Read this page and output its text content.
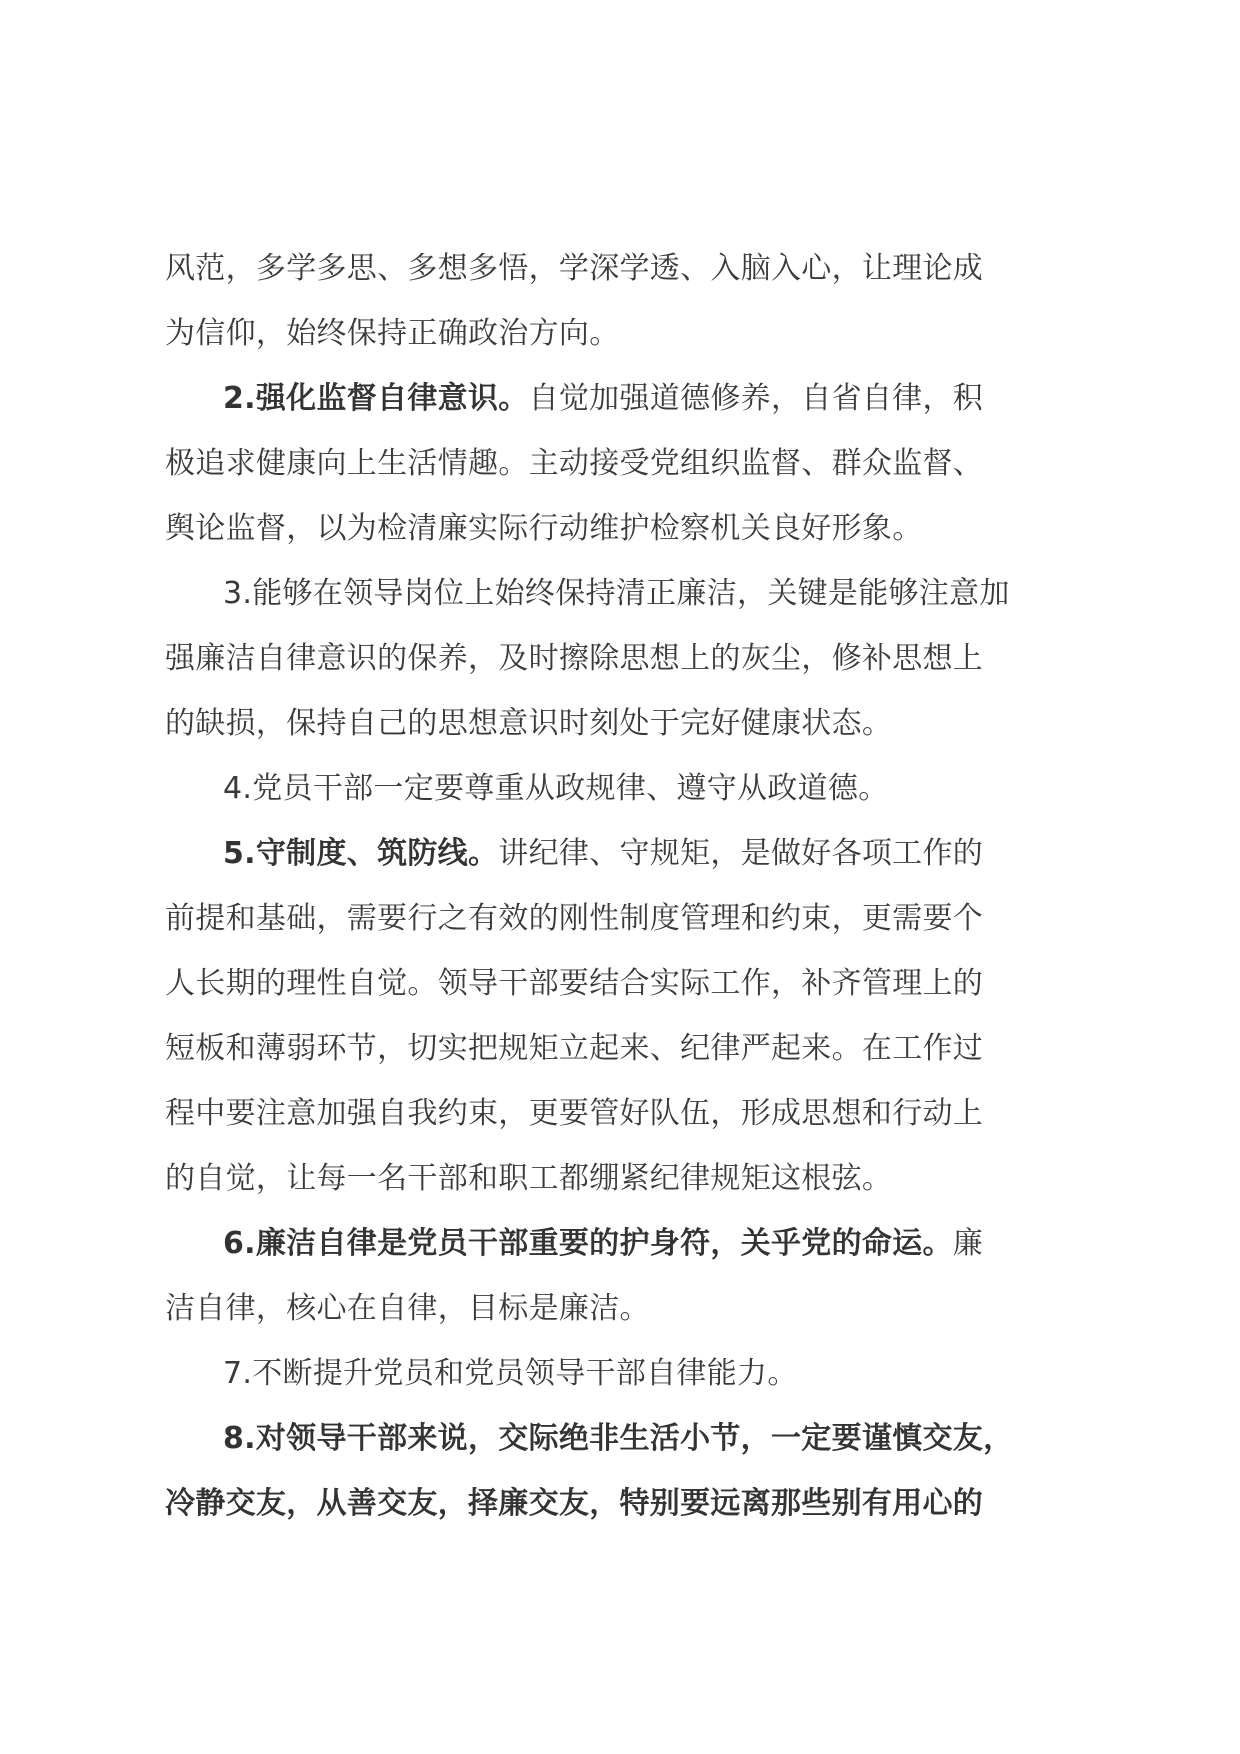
风范，多学多思、多想多悟，学深学透、入脑入心，让理论成
为信仰，始终保持正确政治方向。

2.强化监督自律意识。自觉加强道德修养，自省自律，积
极追求健康向上生活情趣。主动接受党组织监督、群众监督、
舆论监督，以为检清廉实际行动维护检察机关良好形象。

3.能够在领导岗位上始终保持清正廉洁，关键是能够注意加
强廉洁自律意识的保养，及时擦除思想上的灰尘，修补思想上
的缺损，保持自己的思想意识时刻处于完好健康状态。

4.党员干部一定要尊重从政规律、遵守从政道德。

5.守制度、筑防线。讲纪律、守规矩，是做好各项工作的
前提和基础，需要行之有效的刚性制度管理和约束，更需要个
人长期的理性自觉。领导干部要结合实际工作，补齐管理上的
短板和薄弱环节，切实把规矩立起来、纪律严起来。在工作过
程中要注意加强自我约束，更要管好队伍，形成思想和行动上
的自觉，让每一名干部和职工都绷紧纪律规矩这根弦。

6.廉洁自律是党员干部重要的护身符，关乎党的命运。廉
洁自律，核心在自律，目标是廉洁。

7.不断提升党员和党员领导干部自律能力。

8.对领导干部来说，交际绝非生活小节，一定要谨慎交友，
冷静交友，从善交友，择廉交友，特别要远离那些别有用心的
